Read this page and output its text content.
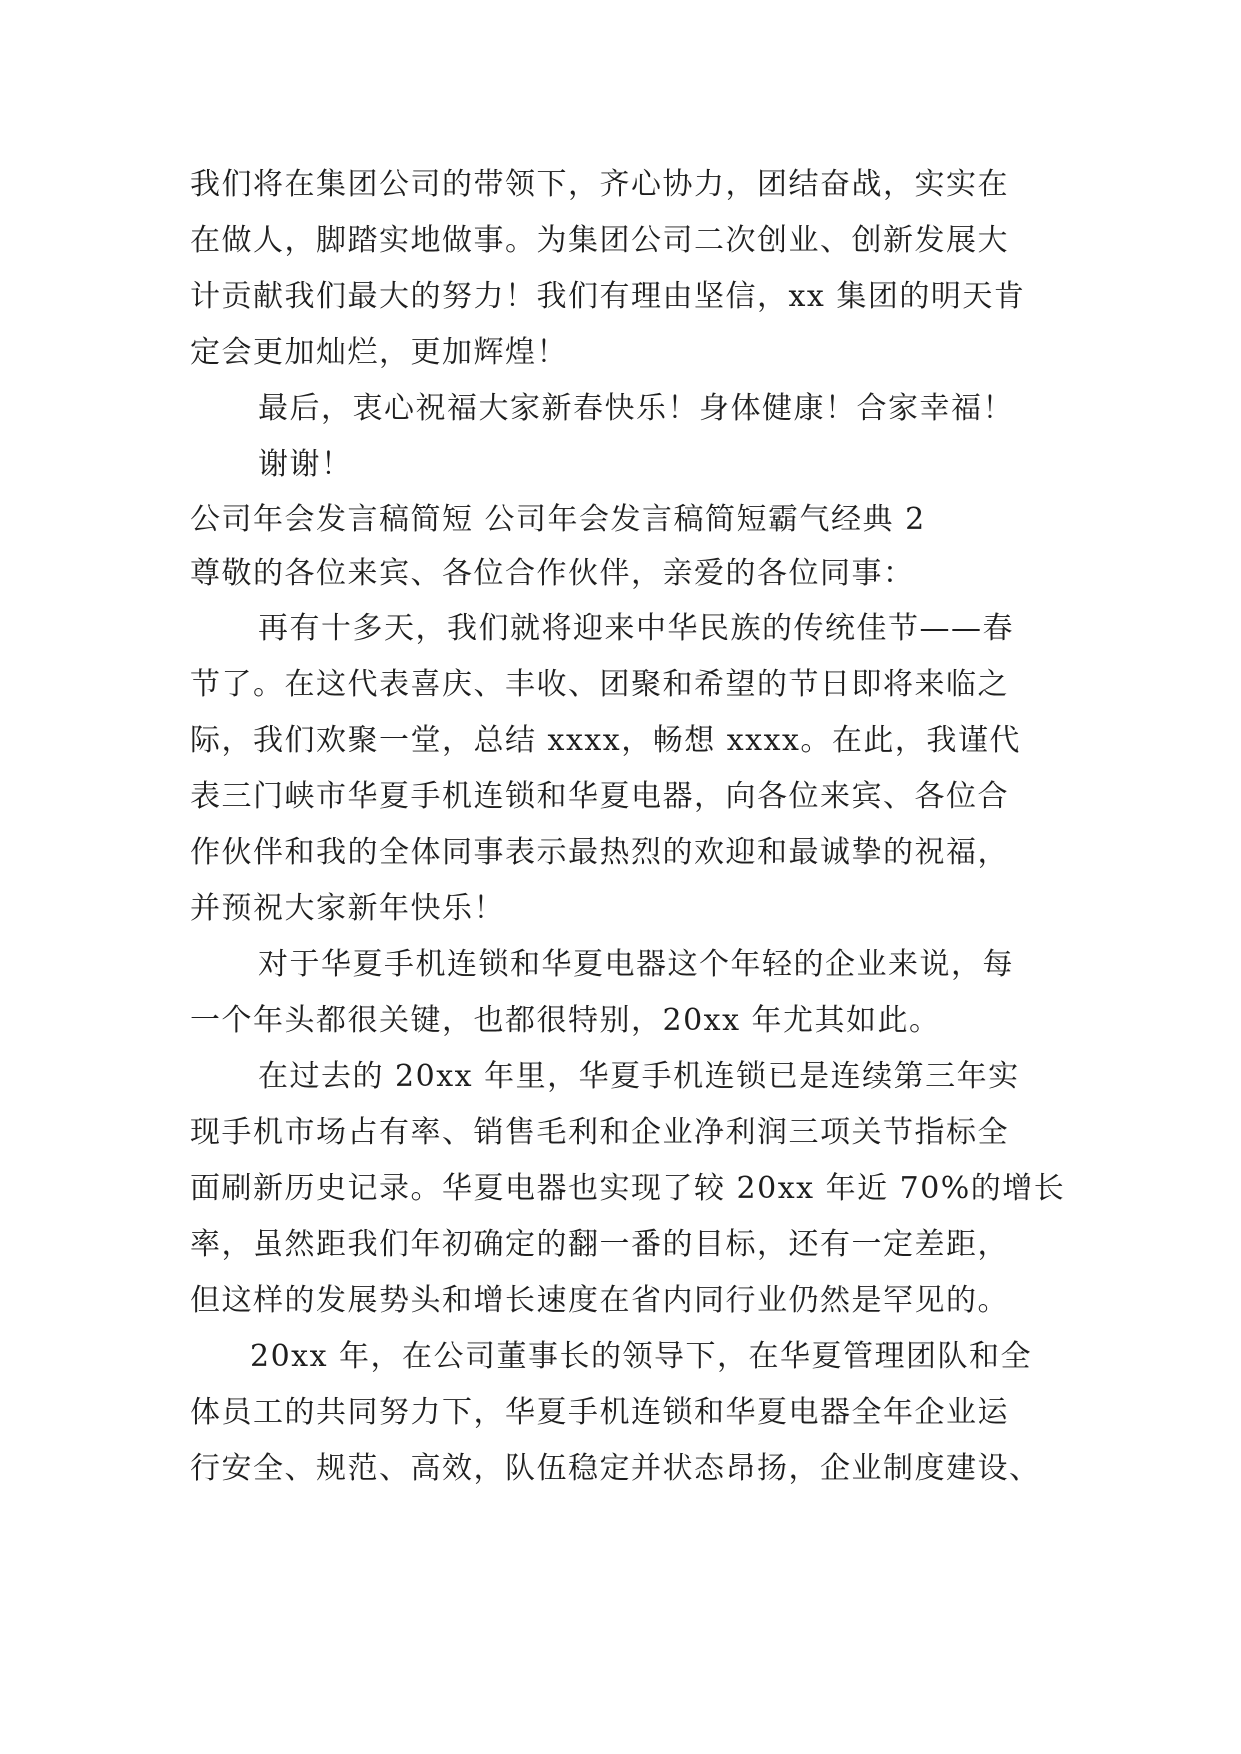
我们将在集团公司的带领下，齐心协力，团结奋战，实实在
在做人，脚踏实地做事。为集团公司二次创业、创新发展大
计贡献我们最大的努力！我们有理由坚信，xx 集团的明天肯
定会更加灿烂，更加辉煌！
最后，衷心祝福大家新春快乐！身体健康！合家幸福！
谢谢！
公司年会发言稿简短 公司年会发言稿简短霸气经典 2
尊敬的各位来宾、各位合作伙伴，亲爱的各位同事：
再有十多天，我们就将迎来中华民族的传统佳节——春
节了。在这代表喜庆、丰收、团聚和希望的节日即将来临之
际，我们欢聚一堂，总结 xxxx，畅想 xxxx。在此，我谨代
表三门峡市华夏手机连锁和华夏电器，向各位来宾、各位合
作伙伴和我的全体同事表示最热烈的欢迎和最诚挚的祝福，
并预祝大家新年快乐！
对于华夏手机连锁和华夏电器这个年轻的企业来说，每
一个年头都很关键，也都很特别，20xx 年尤其如此。
在过去的 20xx 年里，华夏手机连锁已是连续第三年实
现手机市场占有率、销售毛利和企业净利润三项关节指标全
面刷新历史记录。华夏电器也实现了较 20xx 年近 70%的增长
率，虽然距我们年初确定的翻一番的目标，还有一定差距，
但这样的发展势头和增长速度在省内同行业仍然是罕见的。
20xx 年，在公司董事长的领导下，在华夏管理团队和全
体员工的共同努力下，华夏手机连锁和华夏电器全年企业运
行安全、规范、高效，队伍稳定并状态昂扬，企业制度建设、
